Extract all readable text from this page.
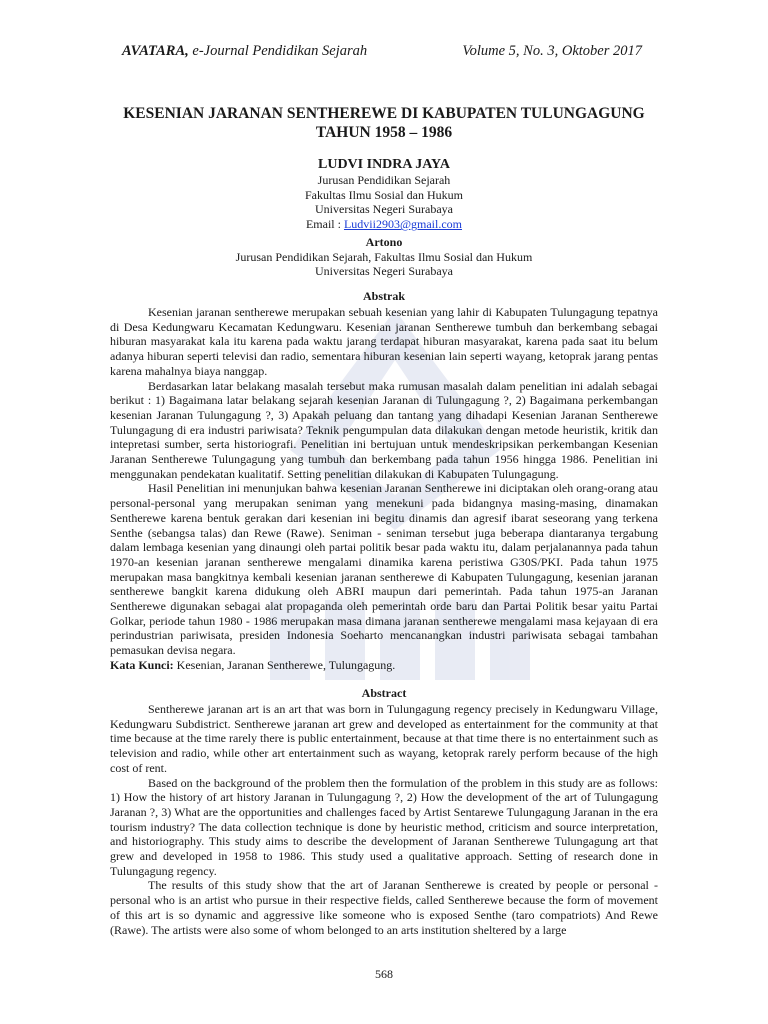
AVATARA, e-Journal Pendidikan Sejarah	Volume 5, No. 3, Oktober 2017
KESENIAN JARANAN SENTHEREWE DI KABUPATEN TULUNGAGUNG
TAHUN 1958 – 1986
LUDVI INDRA JAYA
Jurusan Pendidikan Sejarah
Fakultas Ilmu Sosial dan Hukum
Universitas Negeri Surabaya
Email : Ludvii2903@gmail.com
Artono
Jurusan Pendidikan Sejarah, Fakultas Ilmu Sosial dan Hukum
Universitas Negeri Surabaya
Abstrak

Kesenian jaranan sentherewe merupakan sebuah kesenian yang lahir di Kabupaten Tulungagung tepatnya di Desa Kedungwaru Kecamatan Kedungwaru. Kesenian jaranan Sentherewe tumbuh dan berkembang sebagai hiburan masyarakat kala itu karena pada waktu jarang terdapat hiburan masyarakat, karena pada saat itu belum adanya hiburan seperti televisi dan radio, sementara hiburan kesenian lain seperti wayang, ketoprak jarang pentas karena mahalnya biaya nanggap.

Berdasarkan latar belakang masalah tersebut maka rumusan masalah dalam penelitian ini adalah sebagai berikut : 1) Bagaimana latar belakang sejarah kesenian Jaranan di Tulungagung ?, 2) Bagaimana perkembangan kesenian Jaranan Tulungagung ?, 3) Apakah peluang dan tantang yang dihadapi Kesenian Jaranan Sentherewe Tulungagung di era industri pariwisata? Teknik pengumpulan data dilakukan dengan metode heuristik, kritik dan intepretasi sumber, serta historiografi. Penelitian ini bertujuan untuk mendeskripsikan perkembangan Kesenian Jaranan Sentherewe Tulungagung yang tumbuh dan berkembang pada tahun 1956 hingga 1986. Penelitian ini menggunakan pendekatan kualitatif. Setting penelitian dilakukan di Kabupaten Tulungagung.

Hasil Penelitian ini menunjukan bahwa kesenian Jaranan Sentherewe ini diciptakan oleh orang-orang atau personal-personal yang merupakan seniman yang menekuni pada bidangnya masing-masing, dinamakan Sentherewe karena bentuk gerakan dari kesenian ini begitu dinamis dan agresif ibarat seseorang yang terkena Senthe (sebangsa talas) dan Rewe (Rawe). Seniman - seniman tersebut juga beberapa diantaranya tergabung dalam lembaga kesenian yang dinaungi oleh partai politik besar pada waktu itu, dalam perjalanannya pada tahun 1970-an kesenian jaranan sentherewe mengalami dinamika karena peristiwa G30S/PKI. Pada tahun 1975 merupakan masa bangkitnya kembali kesenian jaranan sentherewe di Kabupaten Tulungagung, kesenian jaranan sentherewe bangkit karena didukung oleh ABRI maupun dari pemerintah. Pada tahun 1975-an Jaranan Sentherewe digunakan sebagai alat propaganda oleh pemerintah orde baru dan Partai Politik besar yaitu Partai Golkar, periode tahun 1980 - 1986 merupakan masa dimana jaranan sentherewe mengalami masa kejayaan di era perindustrian pariwisata, presiden Indonesia Soeharto mencanangkan industri pariwisata sebagai tambahan pemasukan devisa negara.

Kata Kunci: Kesenian, Jaranan Sentherewe, Tulungagung.

Abstract

Sentherewe jaranan art is an art that was born in Tulungagung regency precisely in Kedungwaru Village, Kedungwaru Subdistrict. Sentherewe jaranan art grew and developed as entertainment for the community at that time because at the time rarely there is public entertainment, because at that time there is no entertainment such as television and radio, while other art entertainment such as wayang, ketoprak rarely perform because of the high cost of rent.

Based on the background of the problem then the formulation of the problem in this study are as follows: 1) How the history of art history Jaranan in Tulungagung ?, 2) How the development of the art of Tulungagung Jaranan ?, 3) What are the opportunities and challenges faced by Artist Sentarewe Tulungagung Jaranan in the era tourism industry? The data collection technique is done by heuristic method, criticism and source interpretation, and historiography. This study aims to describe the development of Jaranan Sentherewe Tulungagung art that grew and developed in 1958 to 1986. This study used a qualitative approach. Setting of research done in Tulungagung regency.

The results of this study show that the art of Jaranan Sentherewe is created by people or personal - personal who is an artist who pursue in their respective fields, called Sentherewe because the form of movement of this art is so dynamic and aggressive like someone who is exposed Senthe (taro compatriots) And Rewe (Rawe). The artists were also some of whom belonged to an arts institution sheltered by a large

568
